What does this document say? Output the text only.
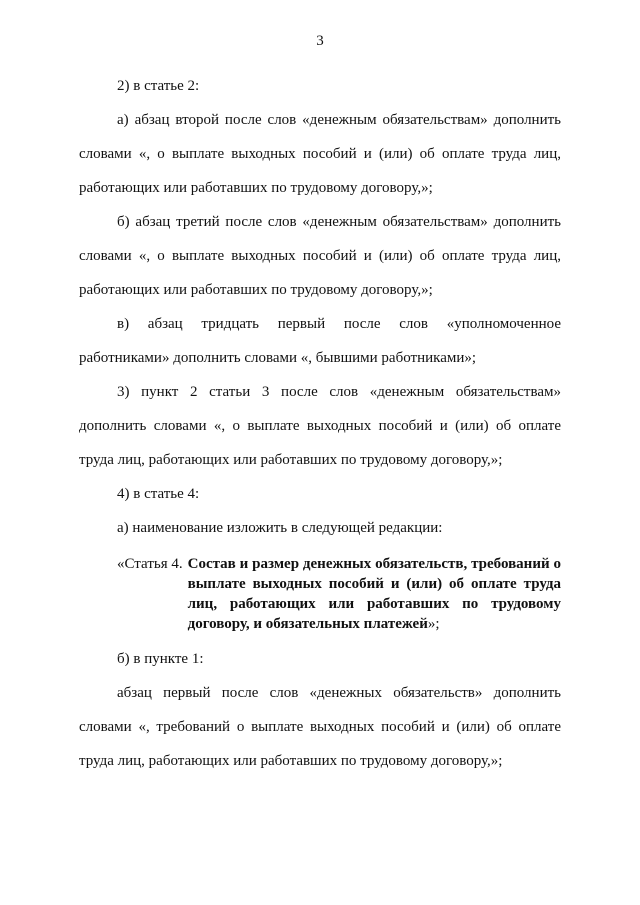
3

2) в статье 2:

а) абзац второй после слов «денежным обязательствам» дополнить словами «, о выплате выходных пособий и (или) об оплате труда лиц, работающих или работавших по трудовому договору,»;

б) абзац третий после слов «денежным обязательствам» дополнить словами «, о выплате выходных пособий и (или) об оплате труда лиц, работающих или работавших по трудовому договору,»;

в) абзац тридцать первый после слов «уполномоченное работниками» дополнить словами «, бывшими работниками»;

3) пункт 2 статьи 3 после слов «денежным обязательствам» дополнить словами «, о выплате выходных пособий и (или) об оплате труда лиц, работающих или работавших по трудовому договору,»;

4) в статье 4:

а) наименование изложить в следующей редакции:

«Статья 4. Состав и размер денежных обязательств, требований о выплате выходных пособий и (или) об оплате труда лиц, работающих или работавших по трудовому договору, и обязательных платежей»;

б) в пункте 1:

абзац первый после слов «денежных обязательств» дополнить словами «, требований о выплате выходных пособий и (или) об оплате труда лиц, работающих или работавших по трудовому договору,»;
